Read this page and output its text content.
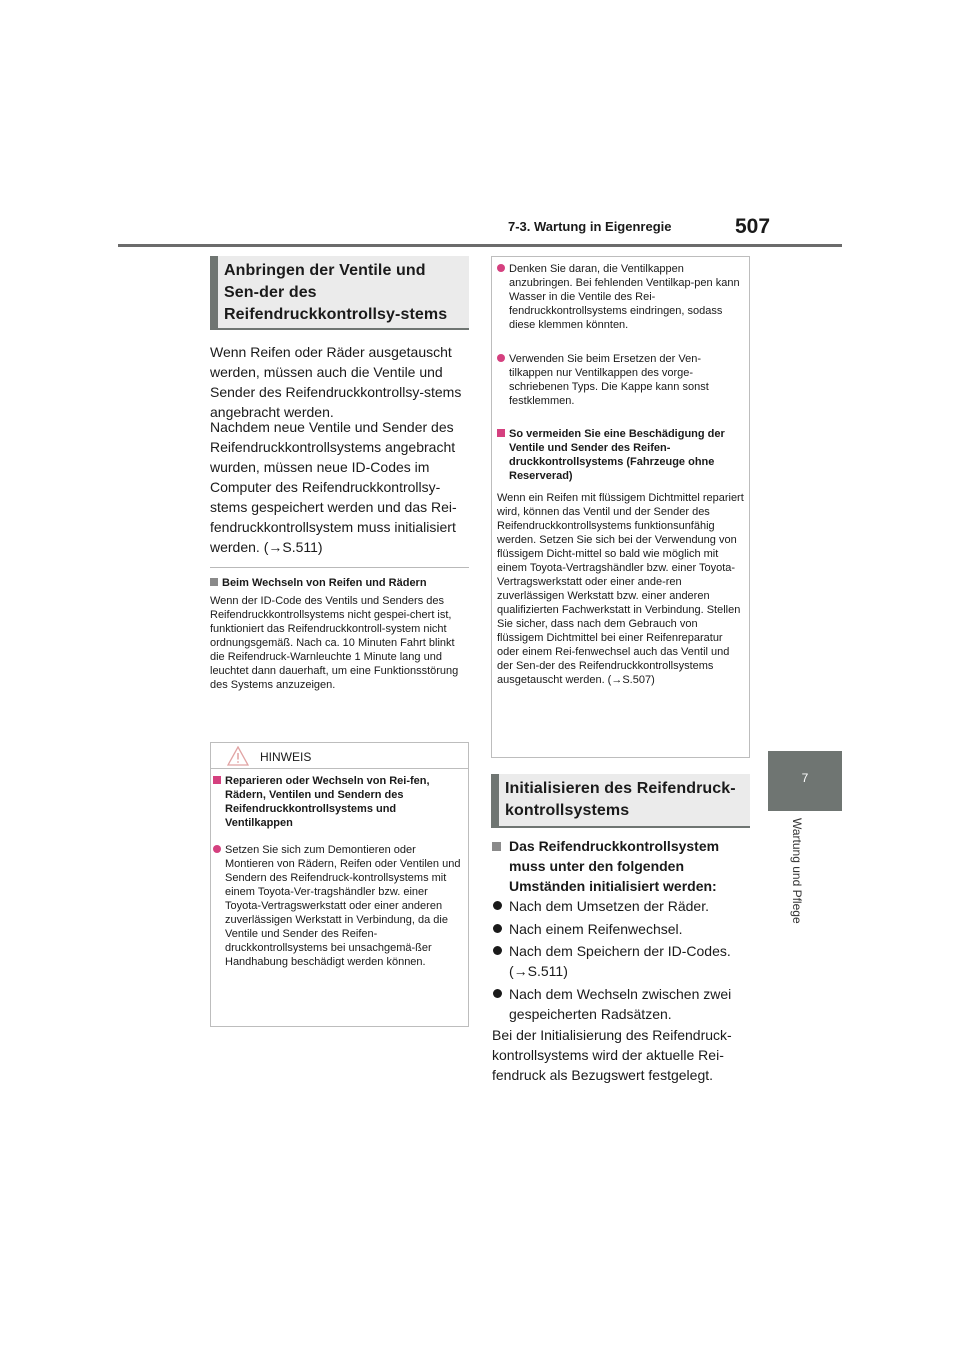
7-3. Wartung in Eigenregie	507
7
Wartung und Pflege
Anbringen der Ventile und Sen-der des Reifendruckkontrollsy-stems
Wenn Reifen oder Räder ausgetauscht werden, müssen auch die Ventile und Sender des Reifendruckkontrollsy-stems angebracht werden.
Nachdem neue Ventile und Sender des Reifendruckkontrollsystems angebracht wurden, müssen neue ID-Codes im Computer des Reifendruckkontrollsy-stems gespeichert werden und das Rei-fendruckkontrollsystem muss initialisiert werden. (→S.511)
Beim Wechseln von Reifen und Rädern
Wenn der ID-Code des Ventils und Senders des Reifendruckkontrollsystems nicht gespei-chert ist, funktioniert das Reifendruckkontroll-system nicht ordnungsgemäß. Nach ca. 10 Minuten Fahrt blinkt die Reifendruck-Warnleuchte 1 Minute lang und leuchtet dann dauerhaft, um eine Funktionsstörung des Systems anzuzeigen.
HINWEIS
Reparieren oder Wechseln von Rei-fen, Rädern, Ventilen und Sendern des Reifendruckkontrollsystems und Ventilkappen
Setzen Sie sich zum Demontieren oder Montieren von Rädern, Reifen oder Ventilen und Sendern des Reifendruck-kontrollsystems mit einem Toyota-Ver-tragshändler bzw. einer Toyota-Vertragswerkstatt oder einer anderen zuverlässigen Werkstatt in Verbindung, da die Ventile und Sender des Reifen-druckkontrollsystems bei unsachgemä-ßer Handhabung beschädigt werden können.
Denken Sie daran, die Ventilkappen anzubringen. Bei fehlenden Ventilkap-pen kann Wasser in die Ventile des Rei-fendruckkontrollsystems eindringen, sodass diese klemmen könnten.
Verwenden Sie beim Ersetzen der Ven-tilkappen nur Ventilkappen des vorge-schriebenen Typs. Die Kappe kann sonst festklemmen.
So vermeiden Sie eine Beschädigung der Ventile und Sender des Reifen-druckkontrollsystems (Fahrzeuge ohne Reserverad)
Wenn ein Reifen mit flüssigem Dichtmittel repariert wird, können das Ventil und der Sender des Reifendruckkontrollsystems funktionsunfähig werden. Setzen Sie sich bei der Verwendung von flüssigem Dicht-mittel so bald wie möglich mit einem Toyota-Vertragshändler bzw. einer Toyota-Vertragswerkstatt oder einer ande-ren zuverlässigen Werkstatt bzw. einer anderen qualifizierten Fachwerkstatt in Verbindung. Stellen Sie sicher, dass nach dem Gebrauch von flüssigem Dichtmittel bei einer Reifenreparatur oder einem Rei-fenwechsel auch das Ventil und der Sen-der des Reifendruckkontrollsystems ausgetauscht werden. (→S.507)
Initialisieren des Reifendruck-kontrollsystems
Das Reifendruckkontrollsystem muss unter den folgenden Umständen initialisiert werden:
Nach dem Umsetzen der Räder.
Nach einem Reifenwechsel.
Nach dem Speichern der ID-Codes. (→S.511)
Nach dem Wechseln zwischen zwei gespeicherten Radsätzen.
Bei der Initialisierung des Reifendruck-kontrollsystems wird der aktuelle Rei-fendruck als Bezugswert festgelegt.
